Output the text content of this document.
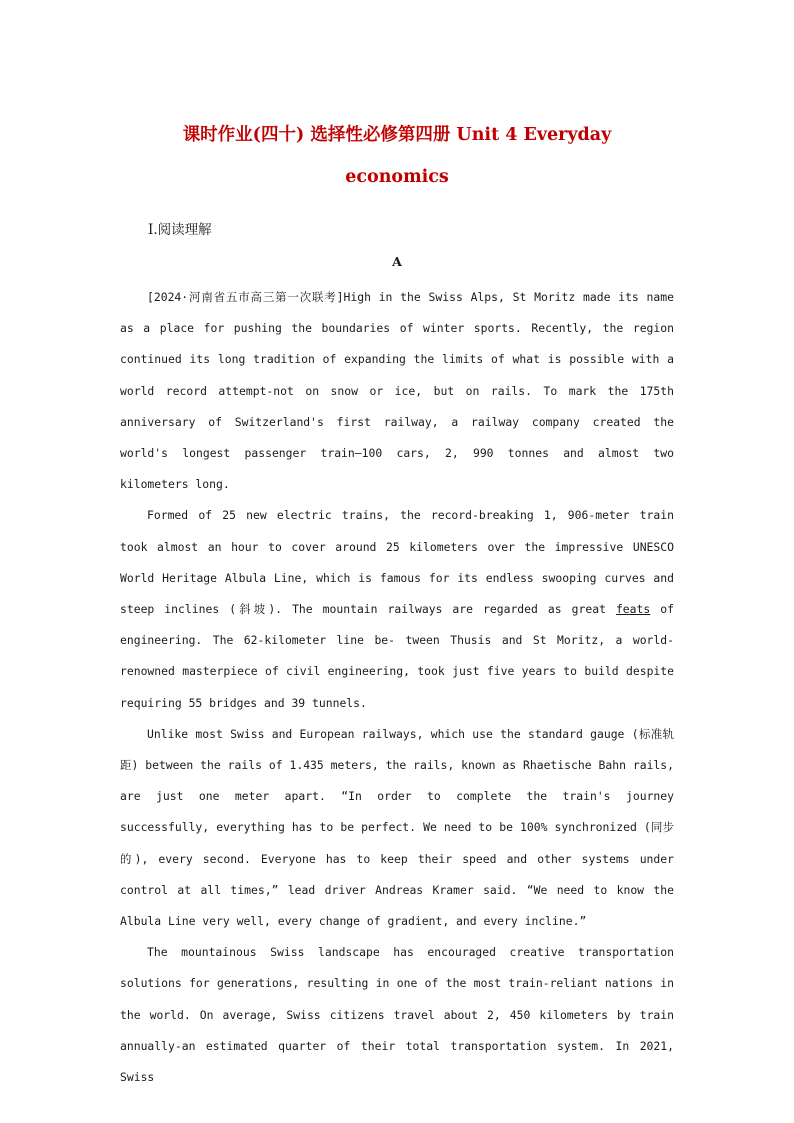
课时作业(四十) 选择性必修第四册 Unit 4 Everyday
economics
Ⅰ.阅读理解
A

[2024·河南省五市高三第一次联考]High in the Swiss Alps, St Moritz made its name as a place for pushing the boundaries of winter sports. Recently, the region continued its long tradition of expanding the limits of what is possible with a world record attempt-not on snow or ice, but on rails. To mark the 175th anniversary of Switzerland's first railway, a railway company created the world's longest passenger train—100 cars, 2, 990 tonnes and almost two kilometers long.

Formed of 25 new electric trains, the record-breaking 1, 906-meter train took almost an hour to cover around 25 kilometers over the impressive UNESCO World Heritage Albula Line, which is famous for its endless swooping curves and steep inclines (斜坡). The mountain railways are regarded as great feats of engineering. The 62-kilometer line be- tween Thusis and St Moritz, a world-renowned masterpiece of civil engineering, took just five years to build despite requiring 55 bridges and 39 tunnels.

Unlike most Swiss and European railways, which use the standard gauge (标准轨距) between the rails of 1.435 meters, the rails, known as Rhaetische Bahn rails, are just one meter apart. “In order to complete the train's journey successfully, everything has to be perfect. We need to be 100% synchronized (同步的), every second. Everyone has to keep their speed and other systems under control at all times,” lead driver Andreas Kramer said. “We need to know the Albula Line very well, every change of gradient, and every incline.”

The mountainous Swiss landscape has encouraged creative transportation solutions for generations, resulting in one of the most train-reliant nations in the world. On average, Swiss citizens travel about 2, 450 kilometers by train annually-an estimated quarter of their total transportation system. In 2021, Swiss
